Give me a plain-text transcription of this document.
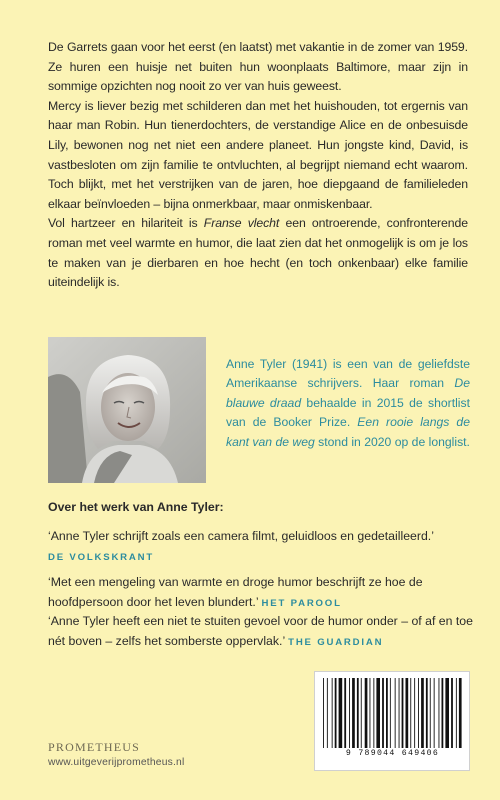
De Garrets gaan voor het eerst (en laatst) met vakantie in de zomer van 1959. Ze huren een huisje net buiten hun woonplaats Baltimore, maar zijn in sommige opzichten nog nooit zo ver van huis geweest.

Mercy is liever bezig met schilderen dan met het huishouden, tot ergernis van haar man Robin. Hun tienerdochters, de verstandige Alice en de onbesuisde Lily, bewonen nog net niet een andere planeet. Hun jongste kind, David, is vastbesloten om zijn familie te ontvluchten, al begrijpt niemand echt waarom. Toch blijkt, met het verstrijken van de jaren, hoe diepgaand de familieleden elkaar beïnvloeden – bijna onmerkbaar, maar onmiskenbaar.

Vol hartzeer en hilariteit is Franse vlecht een ontroerende, confronterende roman met veel warmte en humor, die laat zien dat het onmogelijk is om je los te maken van je dierbaren en hoe hecht (en toch onkenbaar) elke familie uiteindelijk is.

Anne Tyler (1941) is een van de geliefdste Amerikaanse schrijvers. Haar roman De blauwe draad behaalde in 2015 de shortlist van de Booker Prize. Een rooie langs de kant van de weg stond in 2020 op de longlist.

Over het werk van Anne Tyler:
‘Anne Tyler schrijft zoals een camera filmt, geluidloos en gedetailleerd.’
DE VOLKSKRANT
‘Met een mengeling van warmte en droge humor beschrijft ze hoe de hoofdpersoon door het leven blundert.’ HET PAROOL
‘Anne Tyler heeft een niet te stuiten gevoel voor de humor onder – of af en toe nét boven – zelfs het somberste oppervlak.’ THE GUARDIAN
PROMETHEUS
www.uitgeverijprometheus.nl
9 789044 649406
